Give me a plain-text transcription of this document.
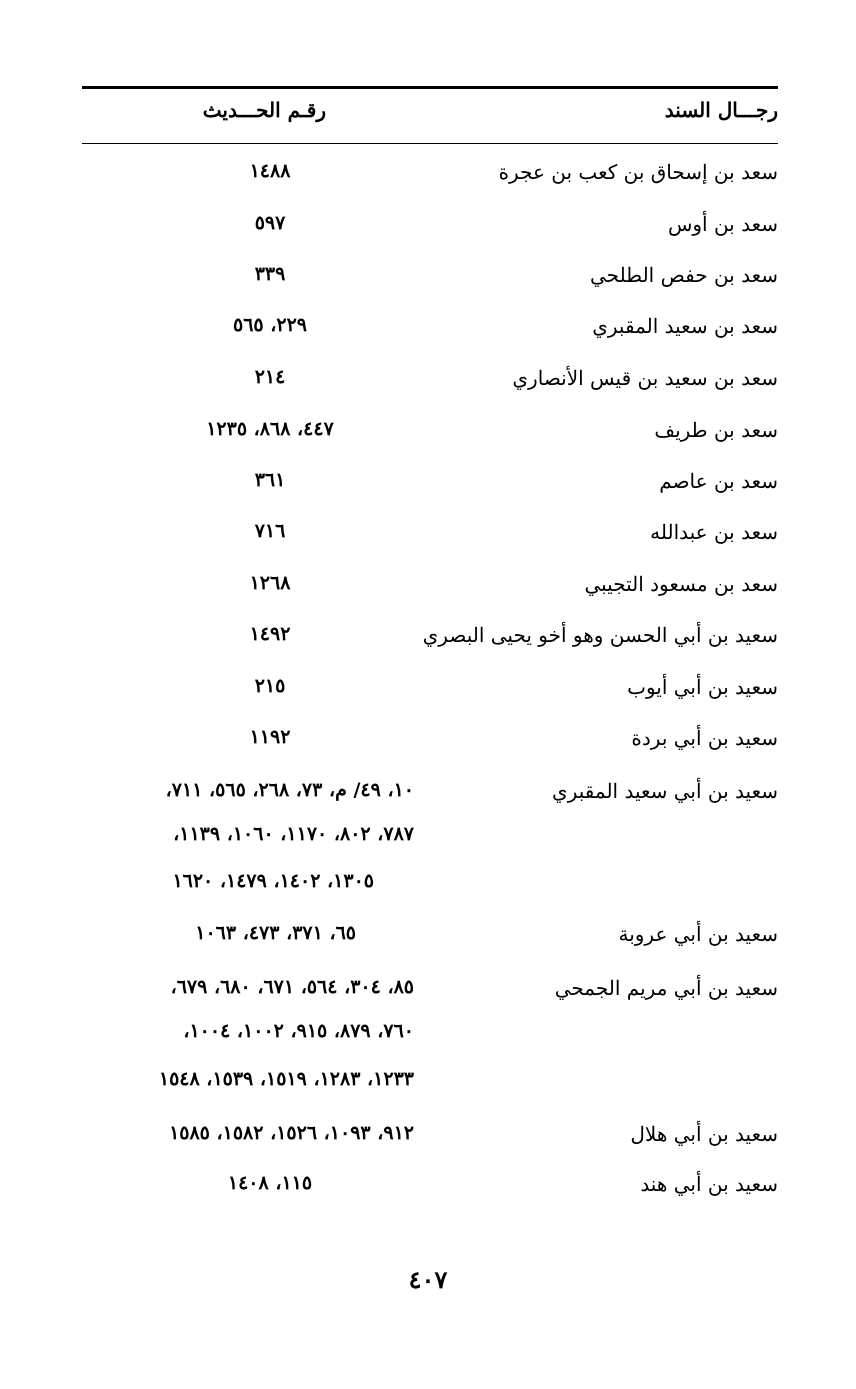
رجـــال السند
رقـم الحـــديث
سعد بن إسحاق بن كعب بن عجرة
١٤٨٨
سعد بن أوس
٥٩٧
سعد بن حفص الطلحي
٣٣٩
سعد بن سعيد المقبري
٢٢٩، ٥٦٥
سعد بن سعيد بن قيس الأنصاري
٢١٤
سعد بن طريف
٤٤٧، ٨٦٨، ١٢٣٥
سعد بن عاصم
٣٦١
سعد بن عبدالله
٧١٦
سعد بن مسعود التجيبي
١٢٦٨
سعيد بن أبي الحسن وهو أخو يحيى البصري
١٤٩٢
سعيد بن أبي أيوب
٢١٥
سعيد بن أبي بردة
١١٩٢
سعيد بن أبي سعيد المقبري
١٠، ٤٩/ م، ٧٣، ٢٦٨، ٥٦٥، ٧١١،
٧٨٧، ٨٠٢، ١١٧٠، ١٠٦٠، ١١٣٩،
١٣٠٥، ١٤٠٢، ١٤٧٩، ١٦٢٠
سعيد بن أبي عروبة
٦٥، ٣٧١، ٤٧٣، ١٠٦٣
سعيد بن أبي مريم الجمحي
٨٥، ٣٠٤، ٥٦٤، ٦٧١، ٦٨٠، ٦٧٩،
٧٦٠، ٨٧٩، ٩١٥، ١٠٠٢، ١٠٠٤،
١٢٣٣، ١٢٨٣، ١٥١٩، ١٥٣٩، ١٥٤٨
سعيد بن أبي هلال
٩١٢، ١٠٩٣، ١٥٢٦، ١٥٨٢، ١٥٨٥
سعيد بن أبي هند
١١٥، ١٤٠٨
٤٠٧
